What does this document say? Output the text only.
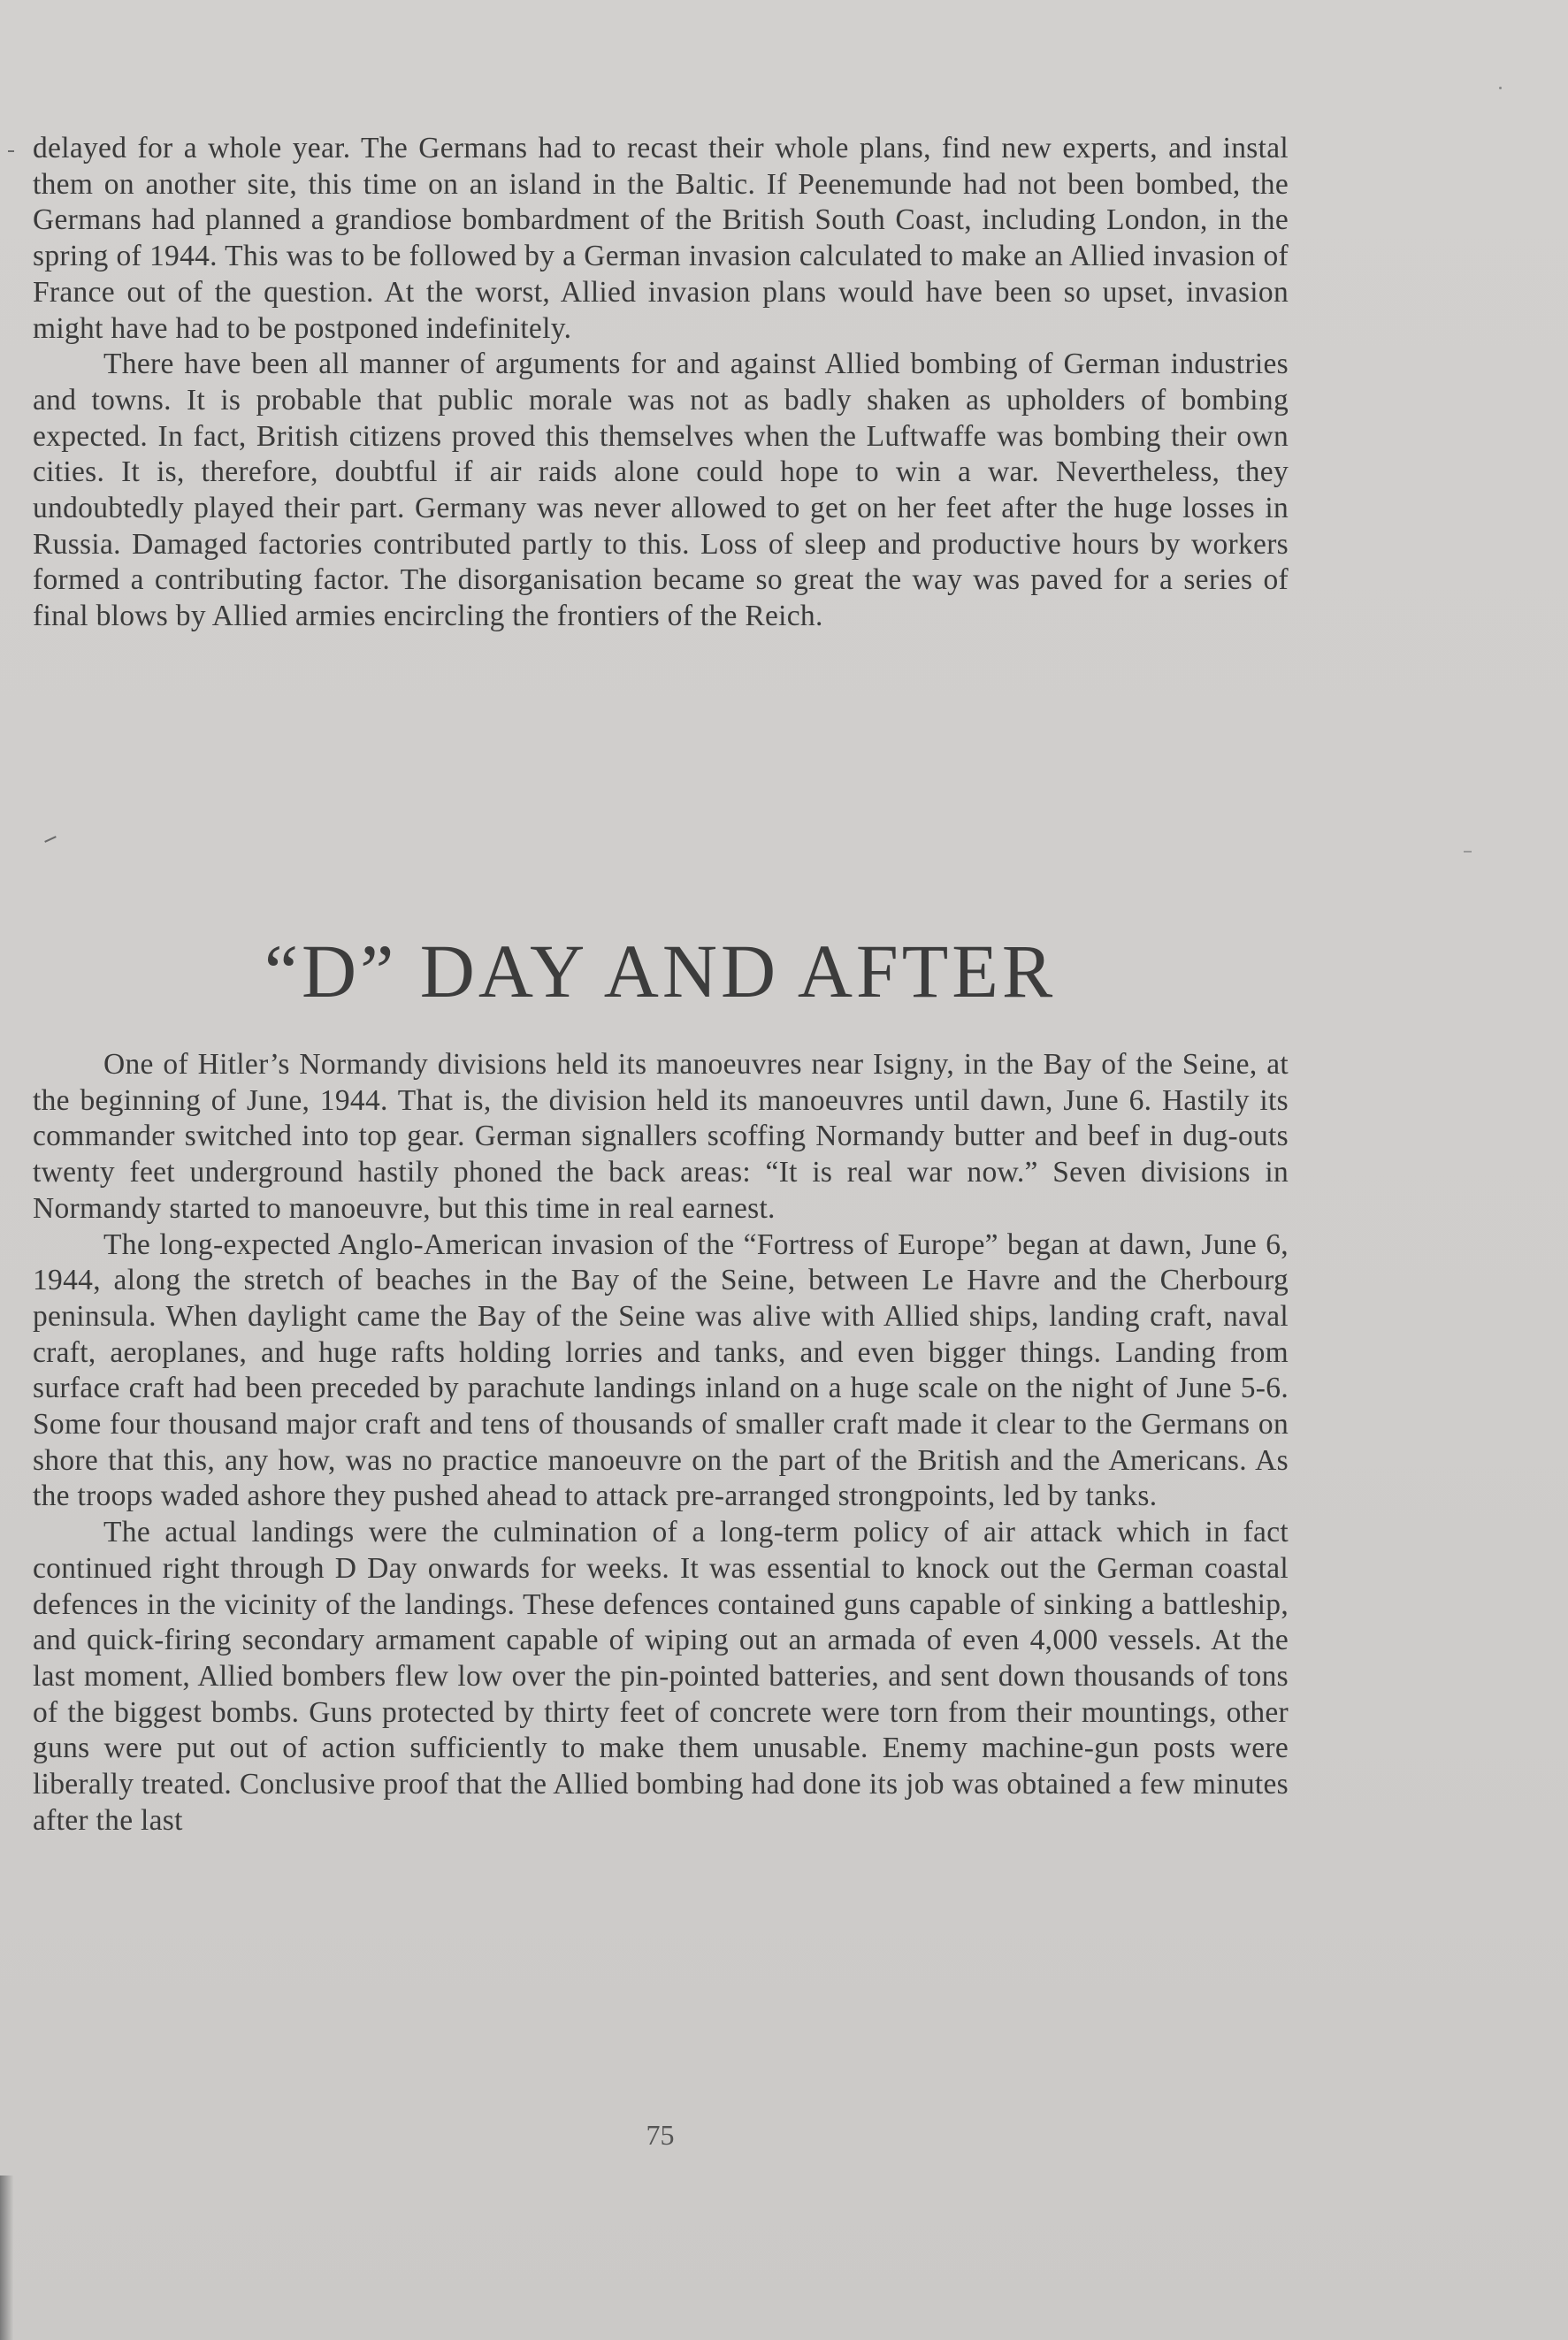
delayed for a whole year. The Germans had to recast their whole plans, find new experts, and instal them on another site, this time on an island in the Baltic. If Peenemunde had not been bombed, the Germans had planned a grandiose bombardment of the British South Coast, including London, in the spring of 1944. This was to be followed by a German invasion calculated to make an Allied invasion of France out of the question. At the worst, Allied invasion plans would have been so upset, invasion might have had to be postponed indefinitely.

There have been all manner of arguments for and against Allied bombing of German industries and towns. It is probable that public morale was not as badly shaken as upholders of bombing expected. In fact, British citizens proved this themselves when the Luftwaffe was bombing their own cities. It is, therefore, doubtful if air raids alone could hope to win a war. Nevertheless, they undoubtedly played their part. Germany was never allowed to get on her feet after the huge losses in Russia. Damaged factories contributed partly to this. Loss of sleep and productive hours by workers formed a contributing factor. The disorganisation became so great the way was paved for a series of final blows by Allied armies encircling the frontiers of the Reich.

“D” DAY AND AFTER

One of Hitler’s Normandy divisions held its manoeuvres near Isigny, in the Bay of the Seine, at the beginning of June, 1944. That is, the division held its manoeuvres until dawn, June 6. Hastily its commander switched into top gear. German signallers scoffing Normandy butter and beef in dug-outs twenty feet underground hastily phoned the back areas: “It is real war now.” Seven divisions in Normandy started to manoeuvre, but this time in real earnest.

The long-expected Anglo-American invasion of the “Fortress of Europe” began at dawn, June 6, 1944, along the stretch of beaches in the Bay of the Seine, between Le Havre and the Cherbourg peninsula. When daylight came the Bay of the Seine was alive with Allied ships, landing craft, naval craft, aeroplanes, and huge rafts holding lorries and tanks, and even bigger things. Landing from surface craft had been preceded by parachute landings inland on a huge scale on the night of June 5-6. Some four thousand major craft and tens of thousands of smaller craft made it clear to the Germans on shore that this, any how, was no practice manoeuvre on the part of the British and the Americans. As the troops waded ashore they pushed ahead to attack pre-arranged strongpoints, led by tanks.

The actual landings were the culmination of a long-term policy of air attack which in fact continued right through D Day onwards for weeks. It was essential to knock out the German coastal defences in the vicinity of the landings. These defences contained guns capable of sinking a battleship, and quick-firing secondary armament capable of wiping out an armada of even 4,000 vessels. At the last moment, Allied bombers flew low over the pin-pointed batteries, and sent down thousands of tons of the biggest bombs. Guns protected by thirty feet of concrete were torn from their mountings, other guns were put out of action sufficiently to make them unusable. Enemy machine-gun posts were liberally treated. Conclusive proof that the Allied bombing had done its job was obtained a few minutes after the last

75
